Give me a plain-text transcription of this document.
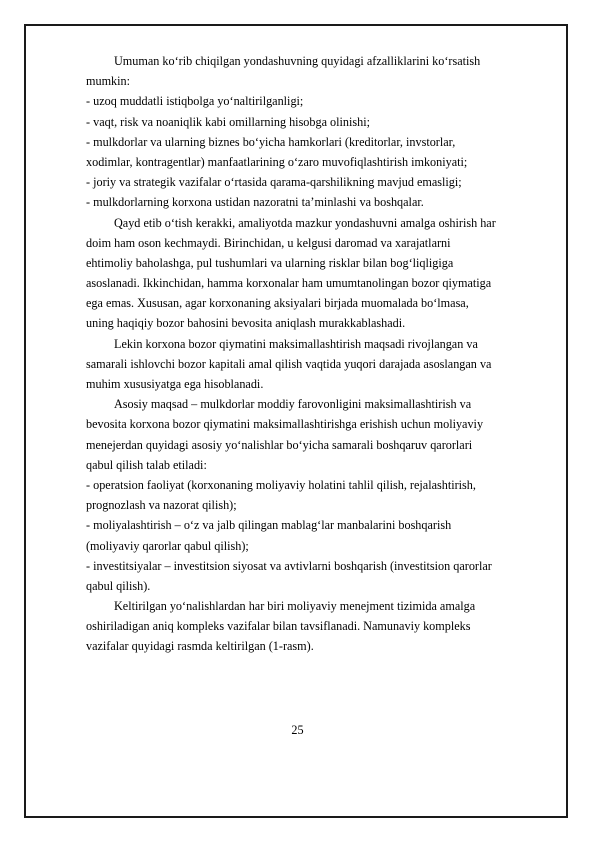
Umuman ko‘rib chiqilgan yondashuvning quyidagi afzalliklarini ko‘rsatish
mumkin:
- uzoq muddatli istiqbolga yo‘naltirilganligi;
- vaqt, risk va noaniqlik kabi omillarning hisobga olinishi;
- mulkdorlar va ularning biznes bo‘yicha hamkorlari (kreditorlar, invstorlar,
xodimlar, kontragentlar) manfaatlarining o‘zaro muvofiqlashtirish imkoniyati;
- joriy va strategik vazifalar o‘rtasida qarama-qarshilikning mavjud emasligi;
- mulkdorlarning korxona ustidan nazoratni ta’minlashi va boshqalar.
Qayd etib o‘tish kerakki, amaliyotda mazkur yondashuvni amalga oshirish har
doim ham oson kechmaydi. Birinchidan, u kelgusi daromad va xarajatlarni
ehtimoliy baholashga, pul tushumlari va ularning risklar bilan bog‘liqligiga
asoslanadi. Ikkinchidan, hamma korxonalar ham umumtanolingan bozor qiymatiga
ega emas. Xususan, agar korxonaning aksiyalari birjada muomalada bo‘lmasa,
uning haqiqiy bozor bahosini bevosita aniqlash murakkablashadi.
Lekin korxona bozor qiymatini maksimallashtirish maqsadi rivojlangan va
samarali ishlovchi bozor kapitali amal qilish vaqtida yuqori darajada asoslangan va
muhim xususiyatga ega hisoblanadi.
Asosiy maqsad – mulkdorlar moddiy farovonligini maksimallashtirish va
bevosita korxona bozor qiymatini maksimallashtirishga erishish uchun moliyaviy
menejerdan quyidagi asosiy yo‘nalishlar bo‘yicha samarali boshqaruv qarorlari
qabul qilish talab etiladi:
- operatsion faoliyat (korxonaning moliyaviy holatini tahlil qilish, rejalashtirish,
prognozlash va nazorat qilish);
- moliyalashtirish – o‘z va jalb qilingan mablag‘lar manbalarini boshqarish
(moliyaviy qarorlar qabul qilish);
- investitsiyalar – investitsion siyosat va avtivlarni boshqarish (investitsion qarorlar
qabul qilish).
Keltirilgan yo‘nalishlardan har biri moliyaviy menejment tizimida amalga
oshiriladigan aniq kompleks vazifalar bilan tavsiflanadi. Namunaviy kompleks
vazifalar quyidagi rasmda keltirilgan (1-rasm).
25
